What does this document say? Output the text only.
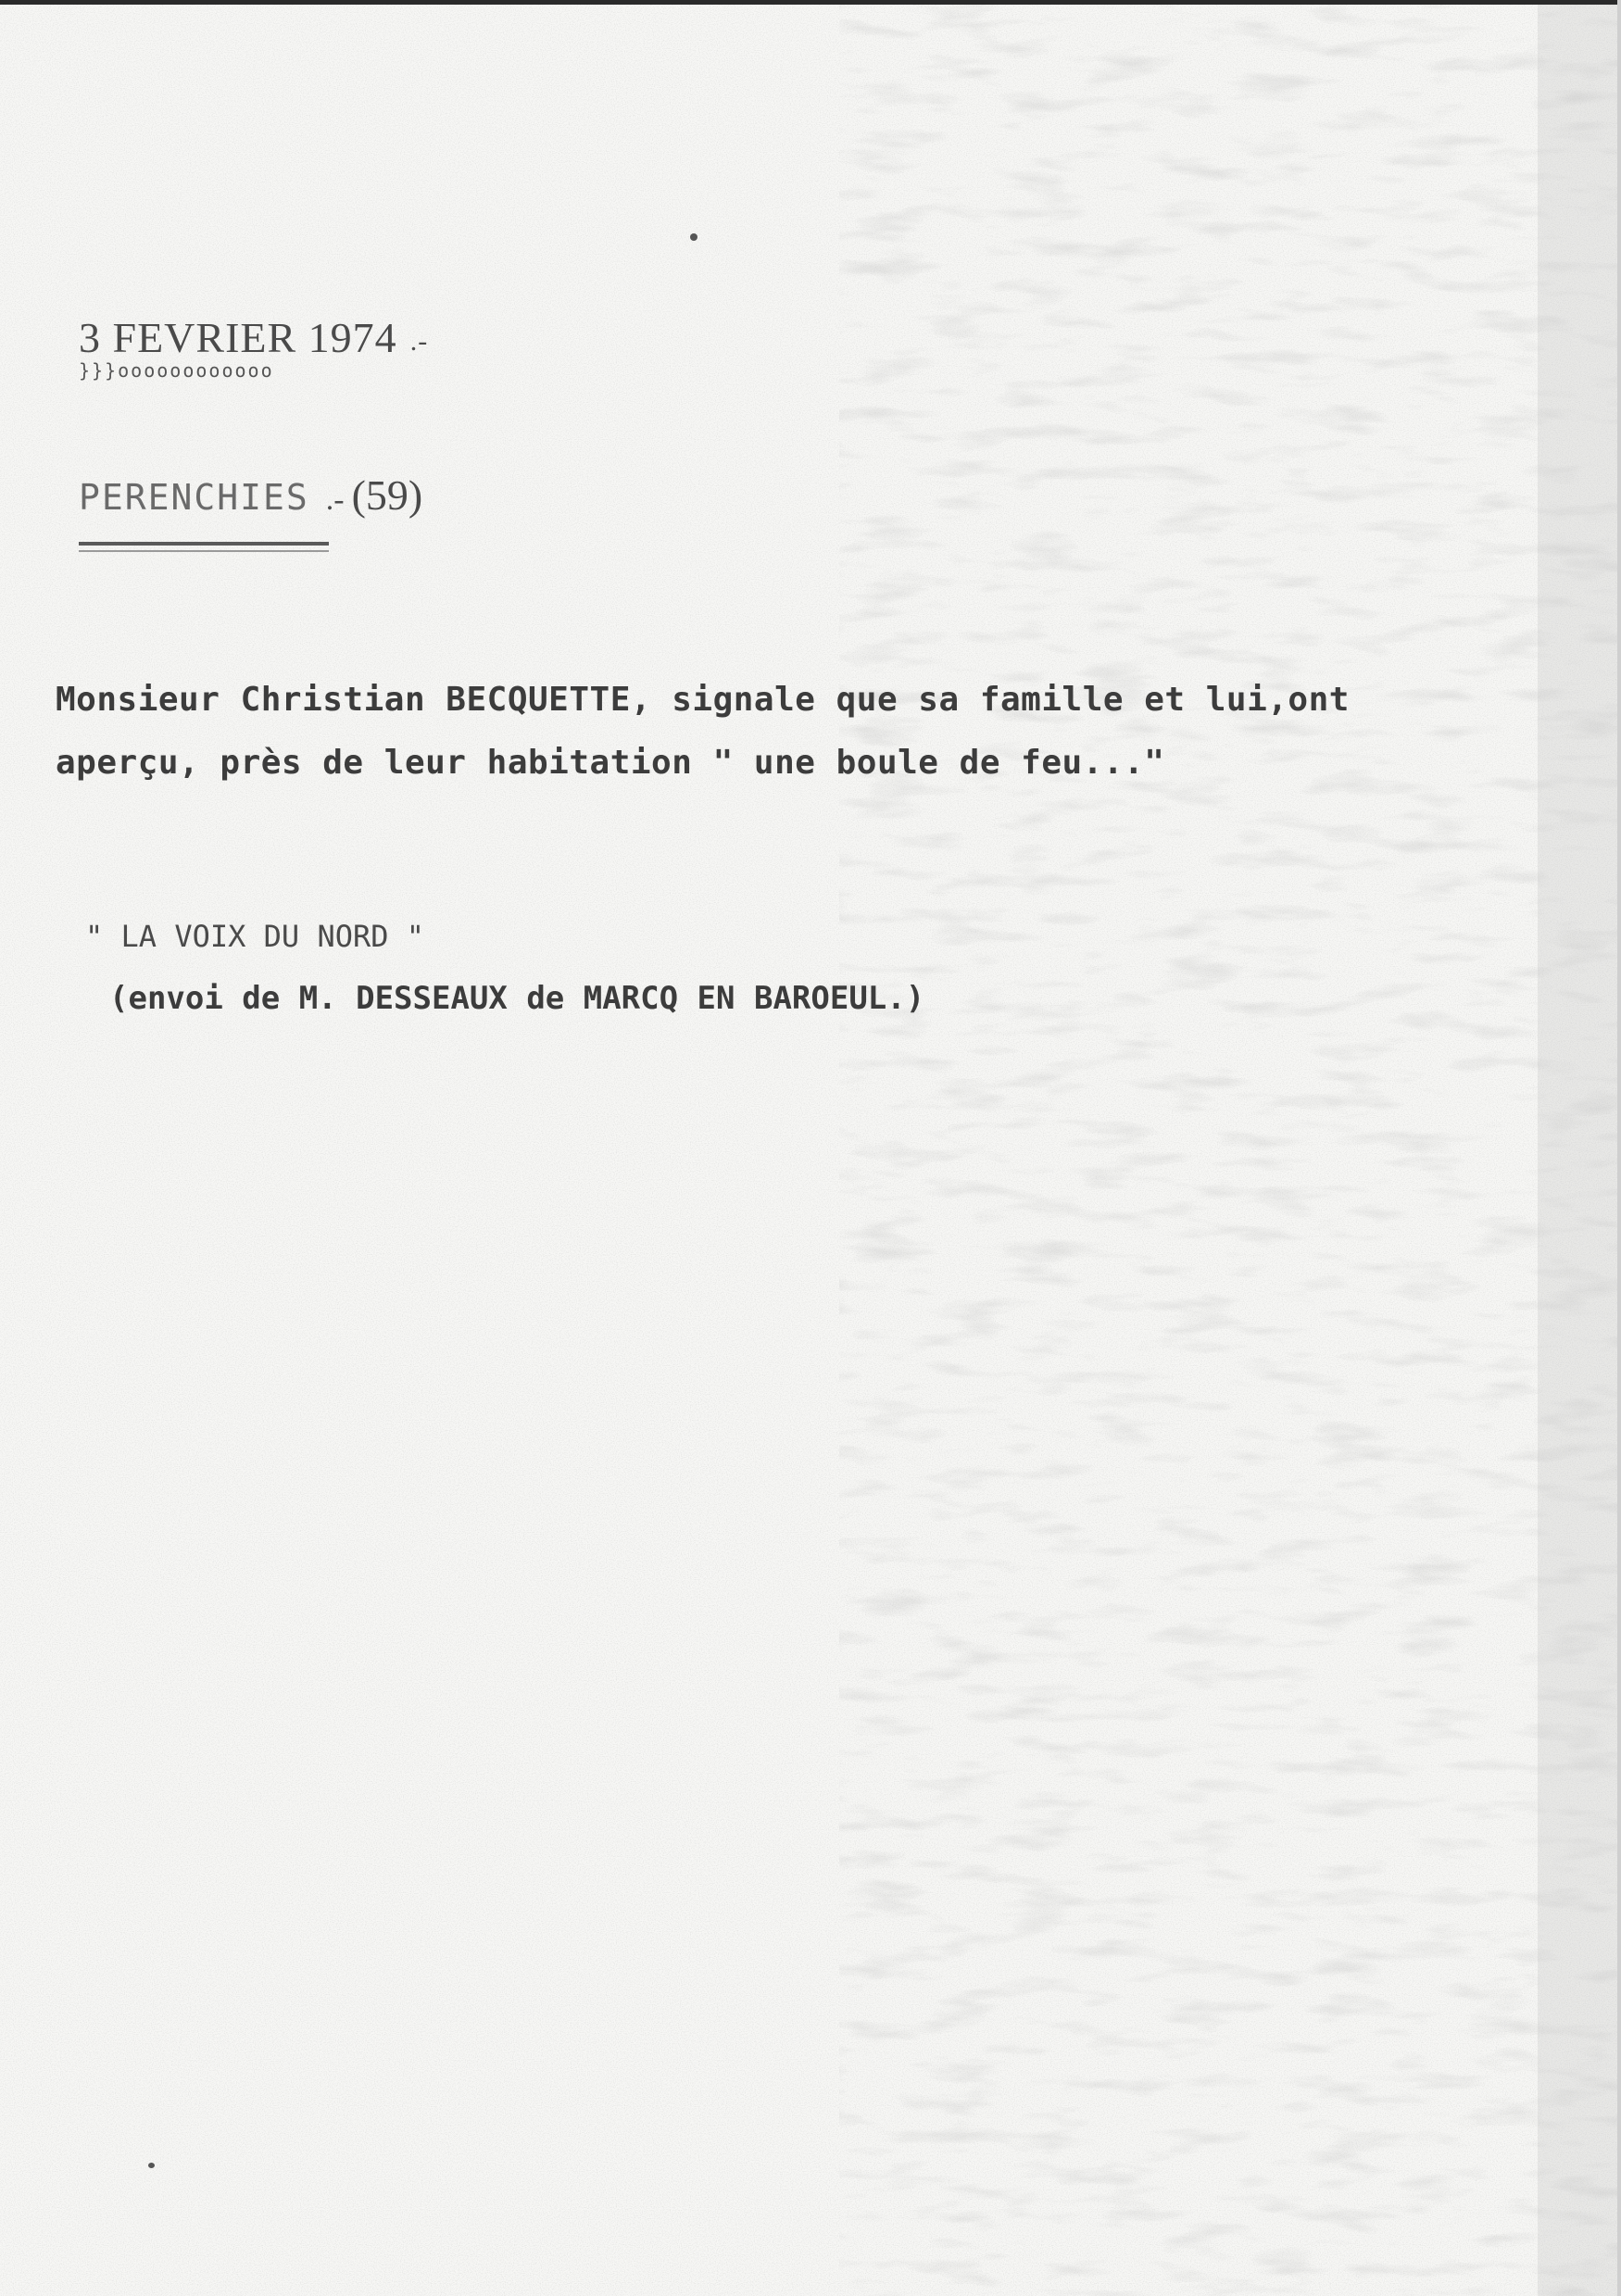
3 FEVRIER 1974 .-
}}}oooooooooooo
PERENCHIES .- (59)
Monsieur Christian BECQUETTE, signale que sa famille et lui,ont
aperçu, près de leur habitation " une boule de feu..."
" LA VOIX DU NORD "
(envoi de M. DESSEAUX de MARCQ EN BAROEUL.)
